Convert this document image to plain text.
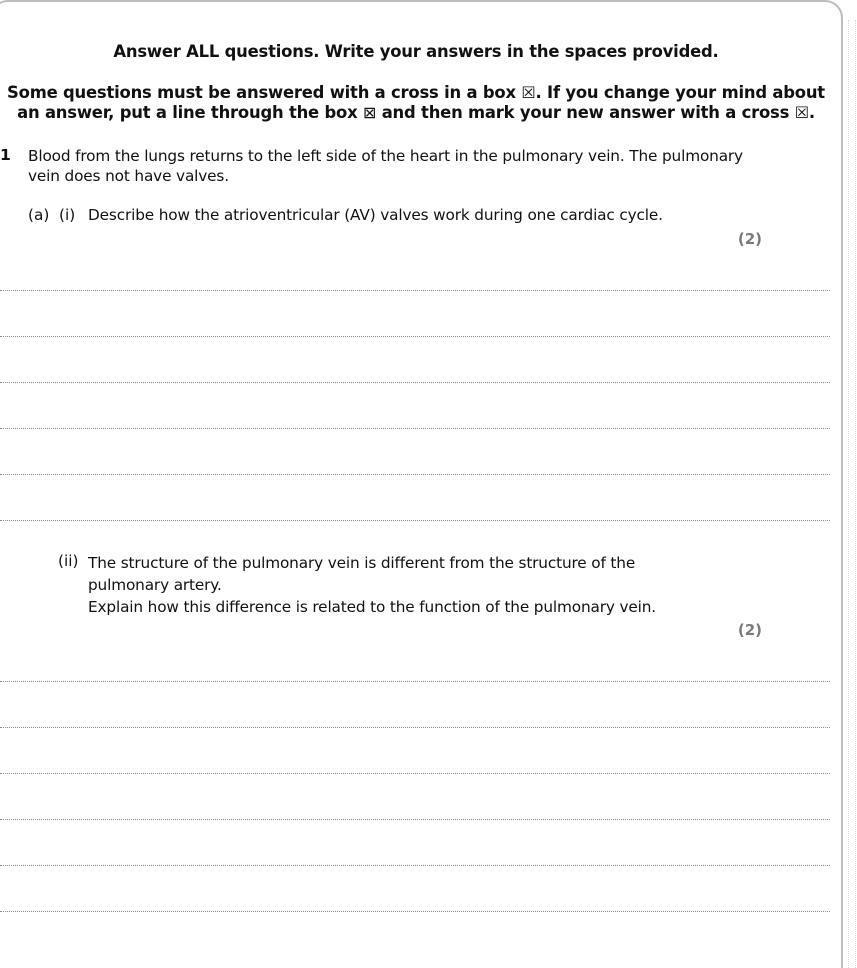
Answer ALL questions. Write your answers in the spaces provided.
Some questions must be answered with a cross in a box ☒. If you change your mind about an answer, put a line through the box ⊠ and then mark your new answer with a cross ☒.
1 Blood from the lungs returns to the left side of the heart in the pulmonary vein. The pulmonary vein does not have valves.
(a) (i) Describe how the atrioventricular (AV) valves work during one cardiac cycle.
(2)
(ii) The structure of the pulmonary vein is different from the structure of the
pulmonary artery.
Explain how this difference is related to the function of the pulmonary vein.
(2)
